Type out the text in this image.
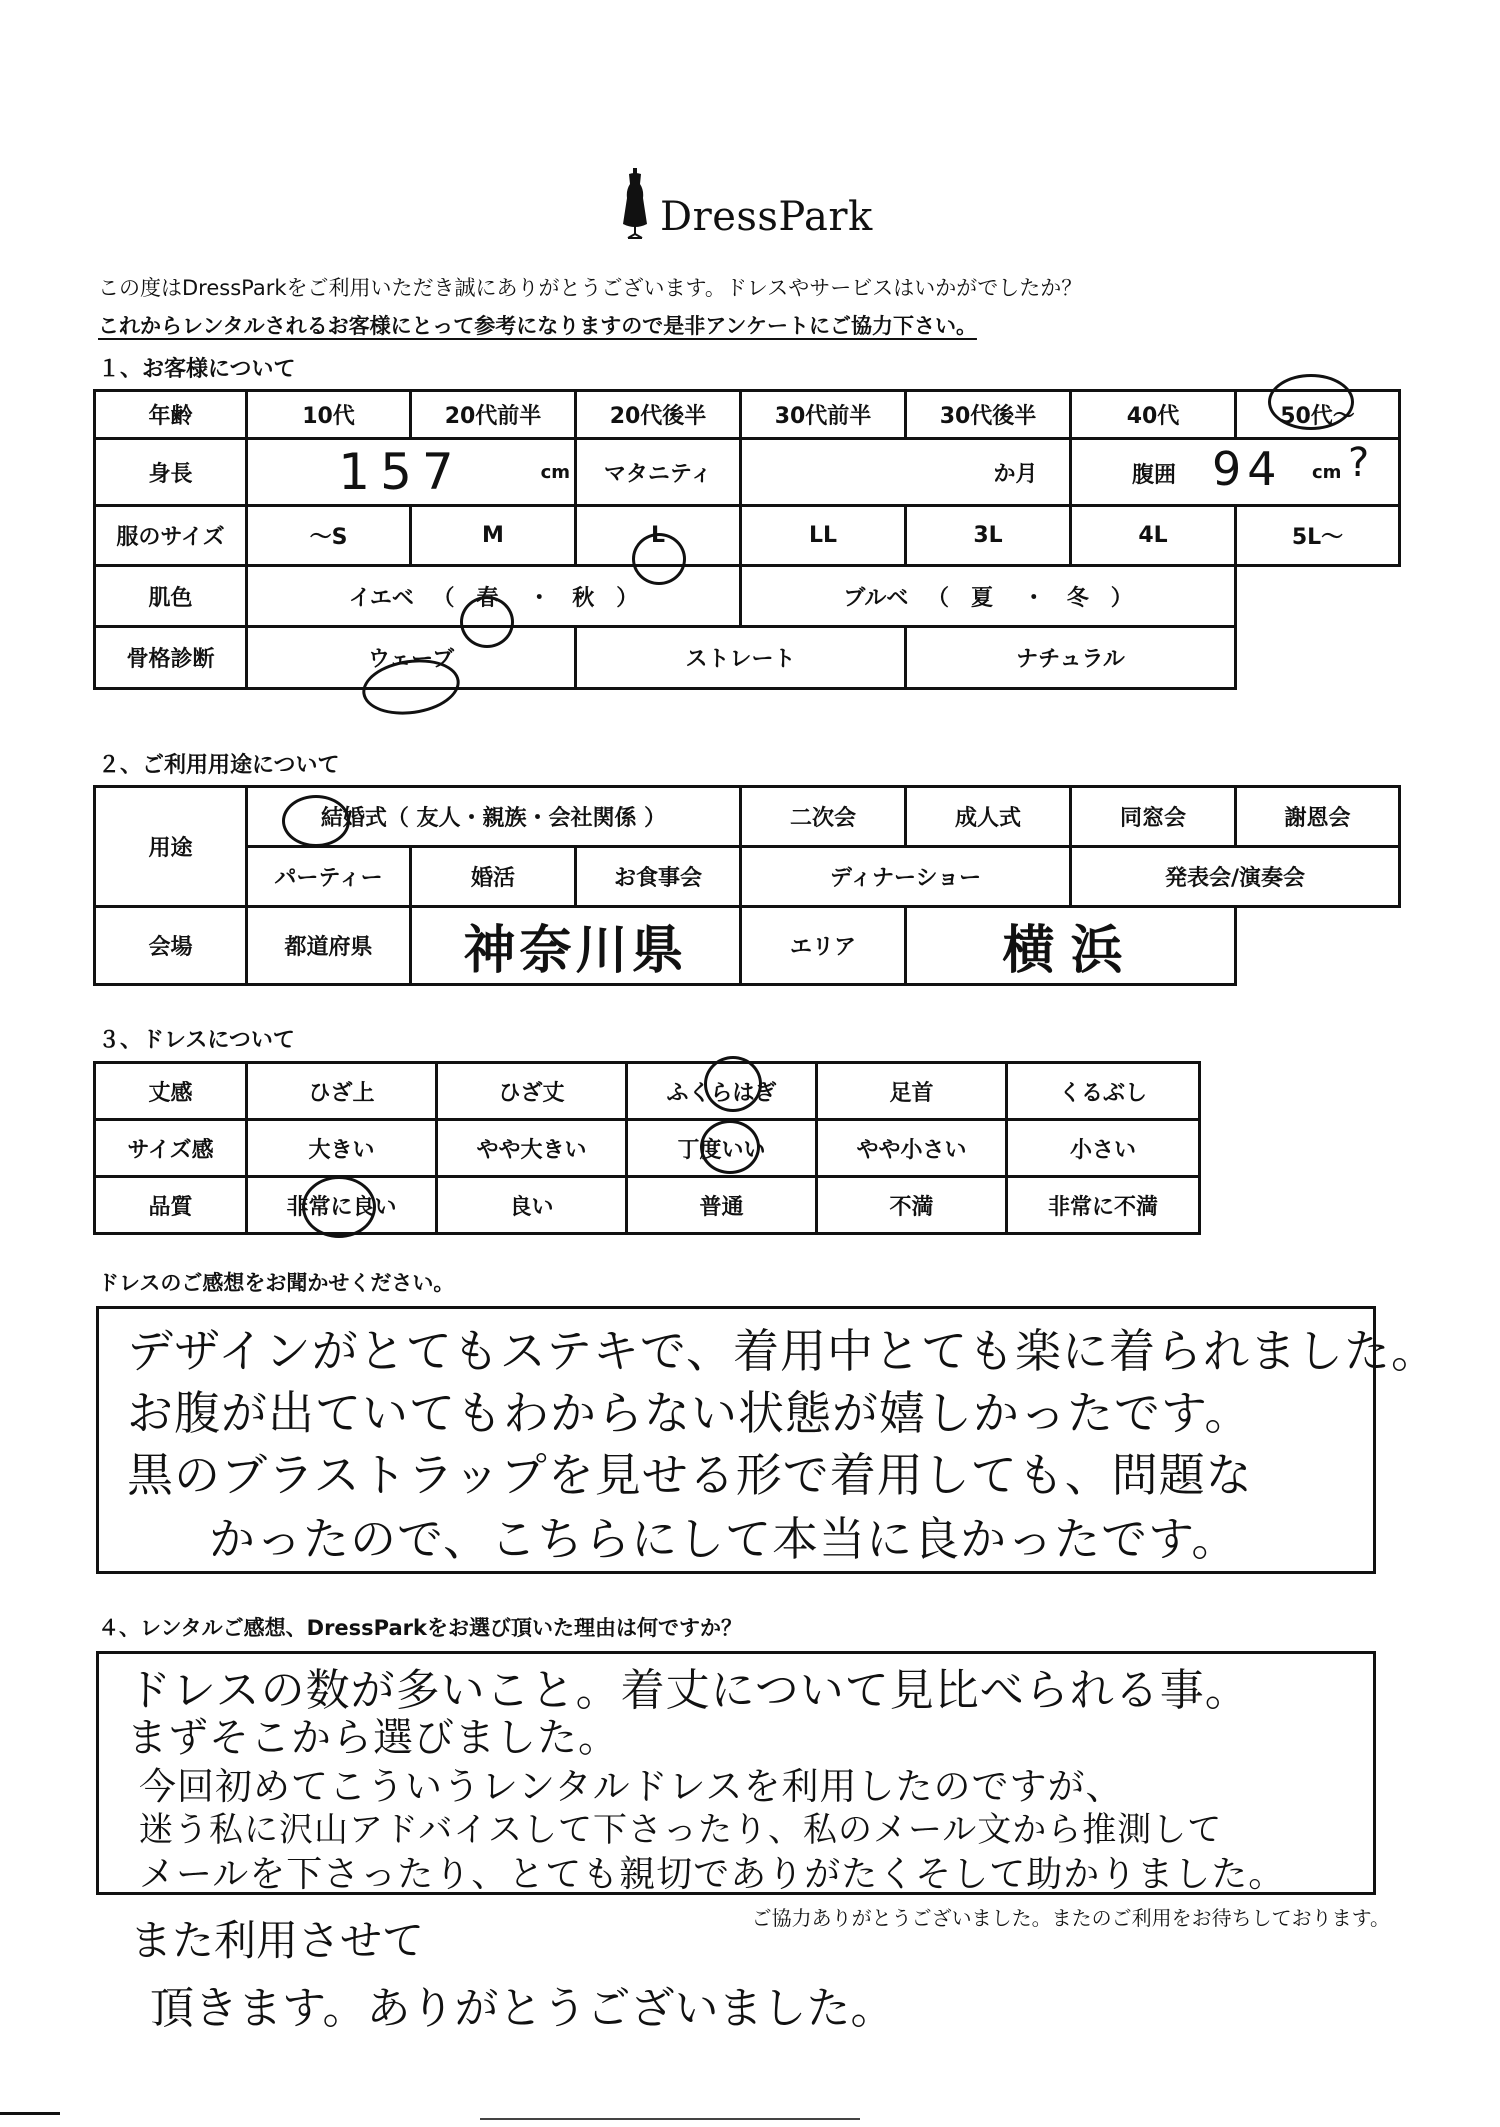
DressPark
この度はDressParkをご利用いただき誠にありがとうございます。ドレスやサービスはいかがでしたか？
これからレンタルされるお客様にとって参考になりますので是非アンケートにご協力下さい。
１、お客様について
年齢	10代	20代前半	20代後半	30代前半	30代後半	40代	50代～
身長	157 cm		マタニティ	か月		腹囲 94 cm ?	

服のサイズ	～S	M	L	LL	3L	4L	5L～
肌色	イエベ 　（　春 　・　秋　）			ブルベ 　（　夏 　・　冬　）			
骨格診断	ウェーブ		ストレート		ナチュラル		
２、ご利用用途について
用途	結婚式（ 友人・親族・会社関係 ）			二次会	成人式	同窓会	謝恩会
	パーティー	婚活	お食事会	ディナーショー		発表会/演奏会	
会場	都道府県	神奈川県		エリア	横浜		
３、ドレスについて
丈感	ひざ上	ひざ丈	ふくらはぎ	足首	くるぶし
サイズ感	大きい	やや大きい	丁度いい	やや小さい	小さい
品質	非常に良い	良い	普通	不満	非常に不満
ドレスのご感想をお聞かせください。
デザインがとてもステキで、着用中とても楽に着られました。
お腹が出ていてもわからない状態が嬉しかったです。
黒のブラストラップを見せる形で着用しても、問題な
かったので、こちらにして本当に良かったです。
４、レンタルご感想、DressParkをお選び頂いた理由は何ですか？
ドレスの数が多いこと。着丈について見比べられる事。
まずそこから選びました。
今回初めてこういうレンタルドレスを利用したのですが、
迷う私に沢山アドバイスして下さったり、私のメール文から推測して
メールを下さったり、とても親切でありがたくそして助かりました。
ご協力ありがとうございました。またのご利用をお待ちしております。
また利用させて
頂きます。ありがとうございました。
